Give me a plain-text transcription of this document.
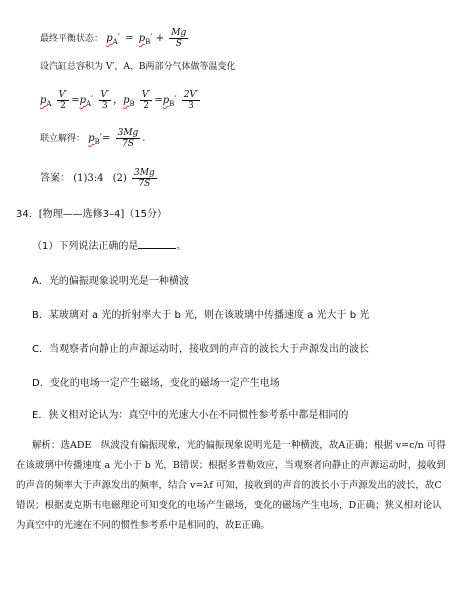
最终平衡状态： $p_A' = p_B' + \frac{Mg}{S}$
设汽缸总容积为 V′，A、B两部分气体做等温变化
$p_A \frac{V'}{2} =p_A' \frac{V'}{3}$ ，$p_B \frac{V'}{2} =p_B' \frac{2V'}{3}$
联立解得： $p_B'= \frac{3Mg}{7S}$ .
答案： (1)3:4 $(2) \frac{3Mg}{7S}$
34．[物理——选修3–4]（15分）
（1）下列说法正确的是	。
A．光的偏振现象说明光是一种横波
B．某玻璃对 a 光的折射率大于 b 光，则在该玻璃中传播速度 a 光大于 b 光
C．当观察者向静止的声源运动时，接收到的声音的波长大于声源发出的波长
D．变化的电场一定产生磁场，变化的磁场一定产生电场
E．狭义相对论认为：真空中的光速大小在不同惯性参考系中都是相同的
解析：选ADE　纵波没有偏振现象，光的偏振现象说明光是一种横波，故A正确；根据 v=c/n 可得在该玻璃中传播速度 a 光小于 b 光，B错误；根据多普勒效应，当观察者向静止的声源运动时，接收到的声音的频率大于声源发出的频率，结合 v=λf 可知，接收到的声音的波长小于声源发出的波长，故C错误；根据麦克斯韦电磁理论可知变化的电场产生磁场，变化的磁场产生电场，D正确；狭义相对论认为真空中的光速在不同的惯性参考系中是相同的，故E正确。
